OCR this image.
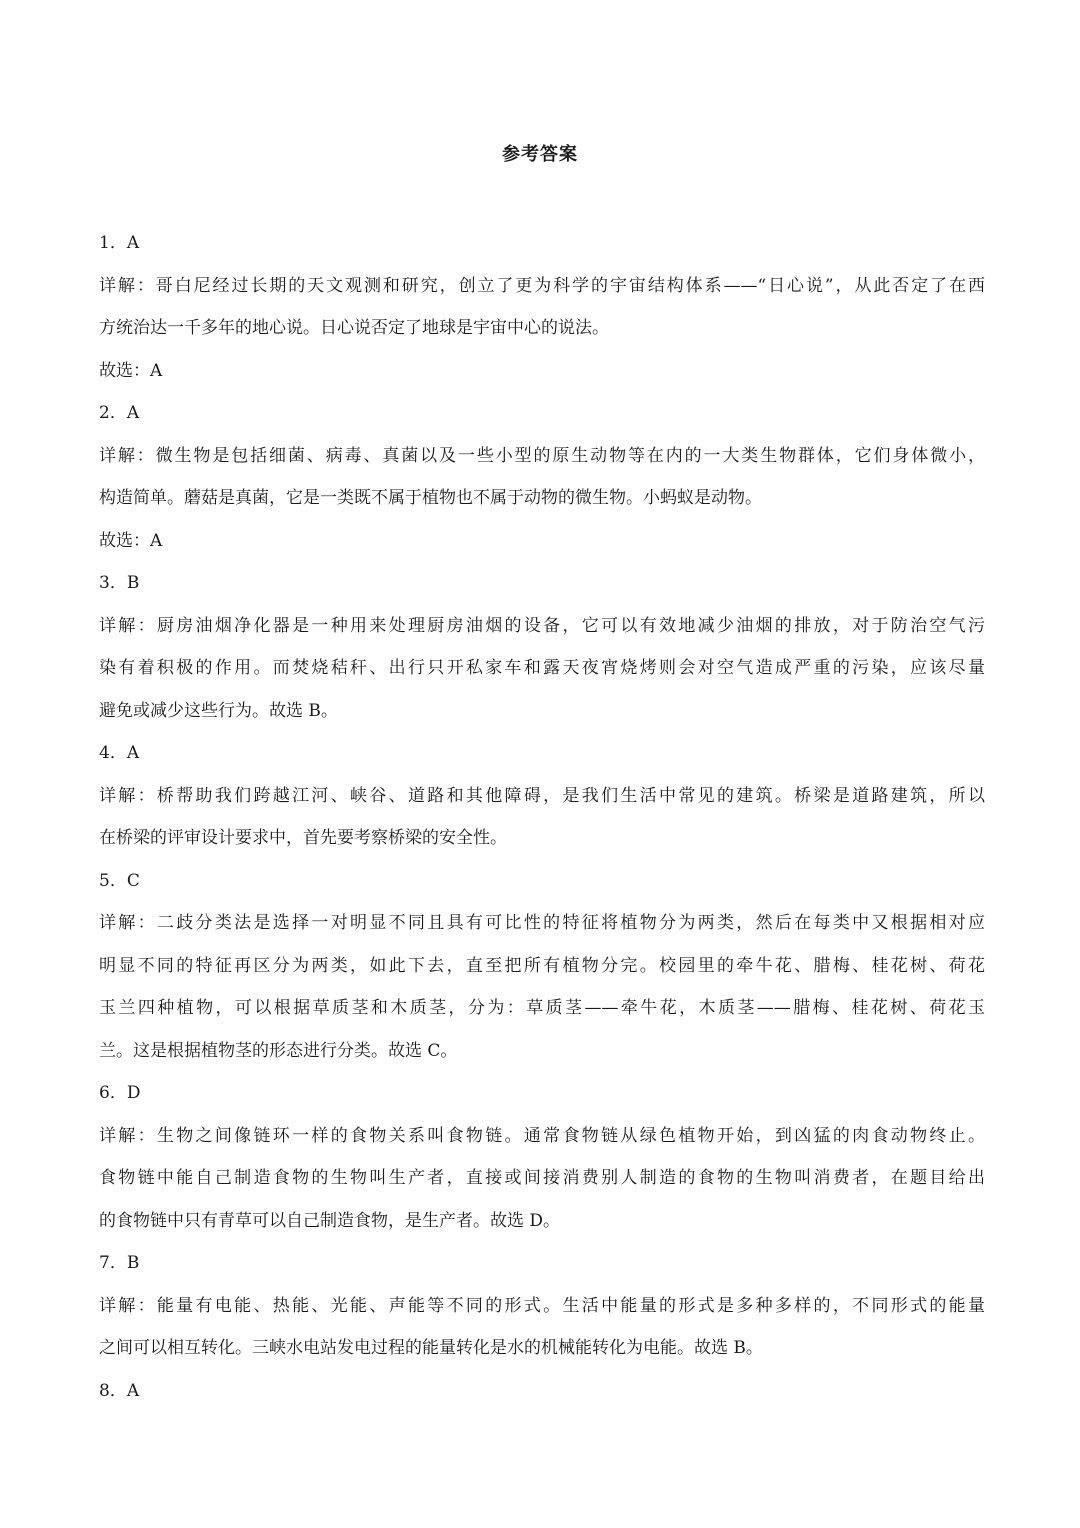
参考答案
1．A
详解：哥白尼经过长期的天文观测和研究，创立了更为科学的宇宙结构体系——“日心说”，从此否定了在西
方统治达一千多年的地心说。日心说否定了地球是宇宙中心的说法。
故选：A
2．A
详解：微生物是包括细菌、病毒、真菌以及一些小型的原生动物等在内的一大类生物群体，它们身体微小，
构造简单。蘑菇是真菌，它是一类既不属于植物也不属于动物的微生物。小蚂蚁是动物。
故选：A
3．B
详解：厨房油烟净化器是一种用来处理厨房油烟的设备，它可以有效地减少油烟的排放，对于防治空气污
染有着积极的作用。而焚烧秸秆、出行只开私家车和露天夜宵烧烤则会对空气造成严重的污染，应该尽量
避免或减少这些行为。故选 B。
4．A
详解：桥帮助我们跨越江河、峡谷、道路和其他障碍，是我们生活中常见的建筑。桥梁是道路建筑，所以
在桥梁的评审设计要求中，首先要考察桥梁的安全性。
5．C
详解：二歧分类法是选择一对明显不同且具有可比性的特征将植物分为两类，然后在每类中又根据相对应
明显不同的特征再区分为两类，如此下去，直至把所有植物分完。校园里的牵牛花、腊梅、桂花树、荷花
玉兰四种植物，可以根据草质茎和木质茎，分为：草质茎——牵牛花，木质茎——腊梅、桂花树、荷花玉
兰。这是根据植物茎的形态进行分类。故选 C。
6．D
详解：生物之间像链环一样的食物关系叫食物链。通常食物链从绿色植物开始，到凶猛的肉食动物终止。
食物链中能自己制造食物的生物叫生产者，直接或间接消费别人制造的食物的生物叫消费者，在题目给出
的食物链中只有青草可以自己制造食物，是生产者。故选 D。
7．B
详解：能量有电能、热能、光能、声能等不同的形式。生活中能量的形式是多种多样的，不同形式的能量
之间可以相互转化。三峡水电站发电过程的能量转化是水的机械能转化为电能。故选 B。
8．A
